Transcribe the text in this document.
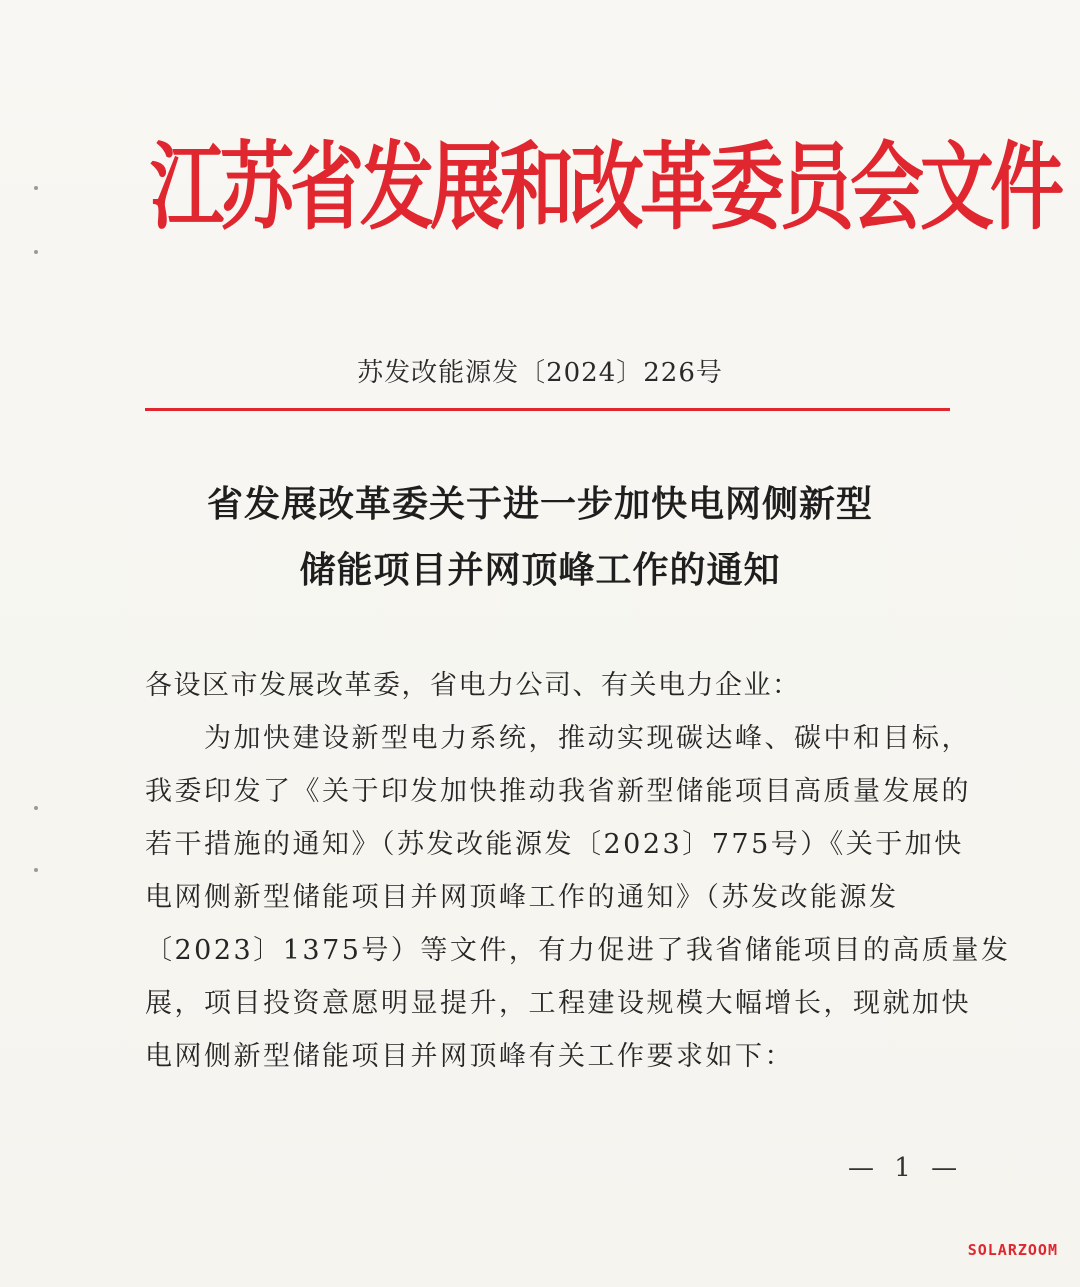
江苏省发展和改革委员会文件
苏发改能源发〔2024〕226号
省发展改革委关于进一步加快电网侧新型
储能项目并网顶峰工作的通知
各设区市发展改革委，省电力公司、有关电力企业：
　　为加快建设新型电力系统，推动实现碳达峰、碳中和目标，
我委印发了《关于印发加快推动我省新型储能项目高质量发展的
若干措施的通知》（苏发改能源发〔2023〕775号）《关于加快
电网侧新型储能项目并网顶峰工作的通知》（苏发改能源发
〔2023〕1375号）等文件，有力促进了我省储能项目的高质量发
展，项目投资意愿明显提升，工程建设规模大幅增长，现就加快
电网侧新型储能项目并网顶峰有关工作要求如下：
— 1 —
SOLARZOOM
